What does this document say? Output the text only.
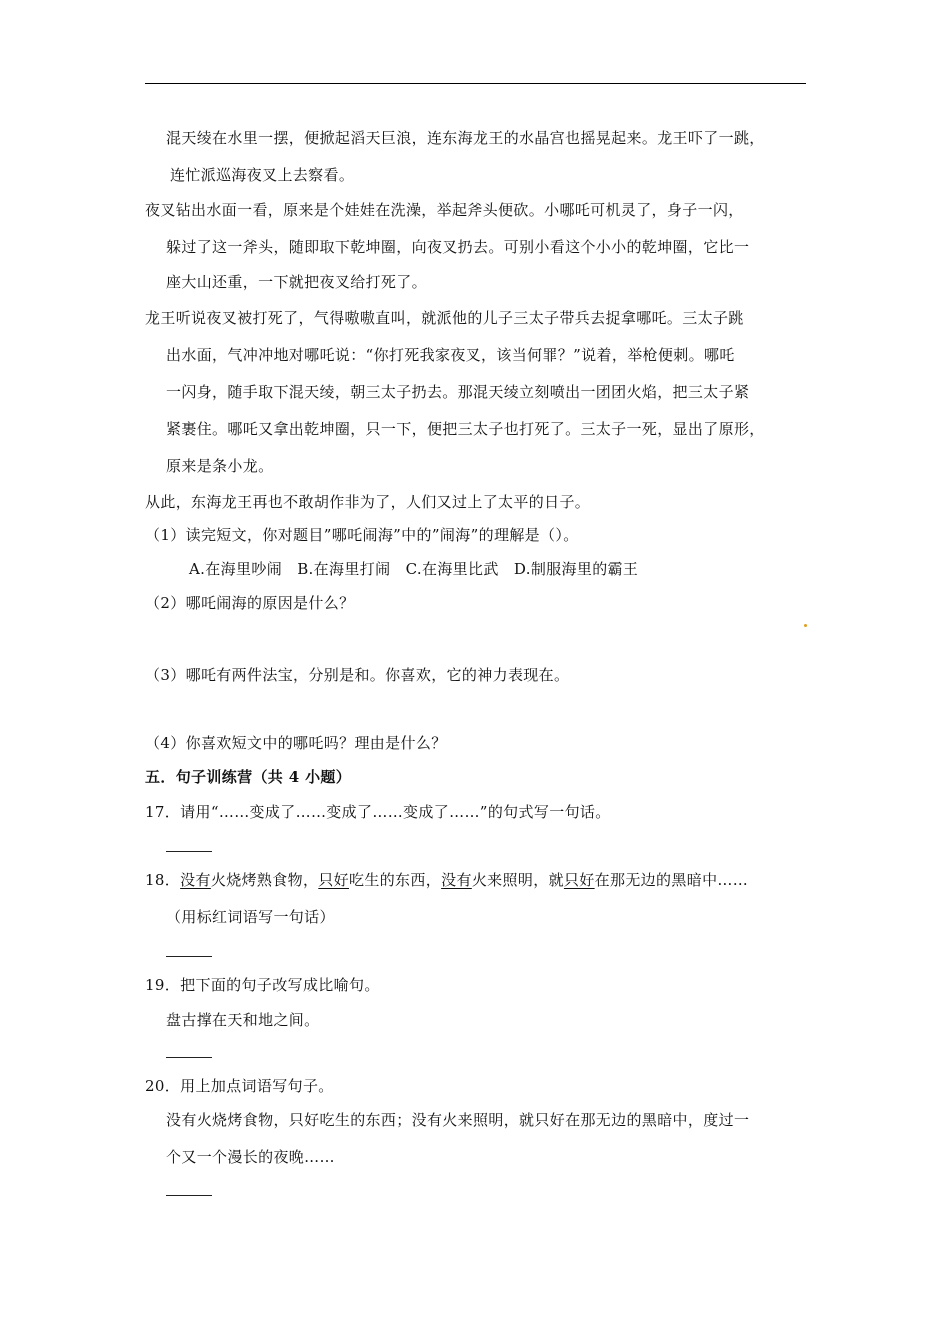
混天绫在水里一摆，便掀起滔天巨浪，连东海龙王的水晶宫也摇晃起来。龙王吓了一跳，
连忙派巡海夜叉上去察看。
夜叉钻出水面一看，原来是个娃娃在洗澡，举起斧头便砍。小哪吒可机灵了，身子一闪，
躲过了这一斧头，随即取下乾坤圈，向夜叉扔去。可别小看这个小小的乾坤圈，它比一
座大山还重，一下就把夜叉给打死了。
龙王听说夜叉被打死了，气得嗷嗷直叫，就派他的儿子三太子带兵去捉拿哪吒。三太子跳
出水面，气冲冲地对哪吒说：“你打死我家夜叉，该当何罪？”说着，举枪便刺。哪吒
一闪身，随手取下混天绫，朝三太子扔去。那混天绫立刻喷出一团团火焰，把三太子紧
紧裹住。哪吒又拿出乾坤圈，只一下，便把三太子也打死了。三太子一死，显出了原形，
原来是条小龙。
从此，东海龙王再也不敢胡作非为了，人们又过上了太平的日子。
（1）读完短文，你对题目”哪吒闹海”中的”闹海”的理解是（）。
A.在海里吵闹 B.在海里打闹 C.在海里比武 D.制服海里的霸王
（2）哪吒闹海的原因是什么？
（3）哪吒有两件法宝，分别是和。你喜欢，它的神力表现在。
（4）你喜欢短文中的哪吒吗？理由是什么？
五．句子训练营（共 4 小题）
17．请用“……变成了……变成了……变成了……”的句式写一句话。
18．没有火烧烤熟食物，只好吃生的东西，没有火来照明，就只好在那无边的黑暗中……
（用标红词语写一句话）
19．把下面的句子改写成比喻句。
盘古撑在天和地之间。
20．用上加点词语写句子。
没有火烧烤食物，只好吃生的东西；没有火来照明，就只好在那无边的黑暗中，度过一
个又一个漫长的夜晚……
